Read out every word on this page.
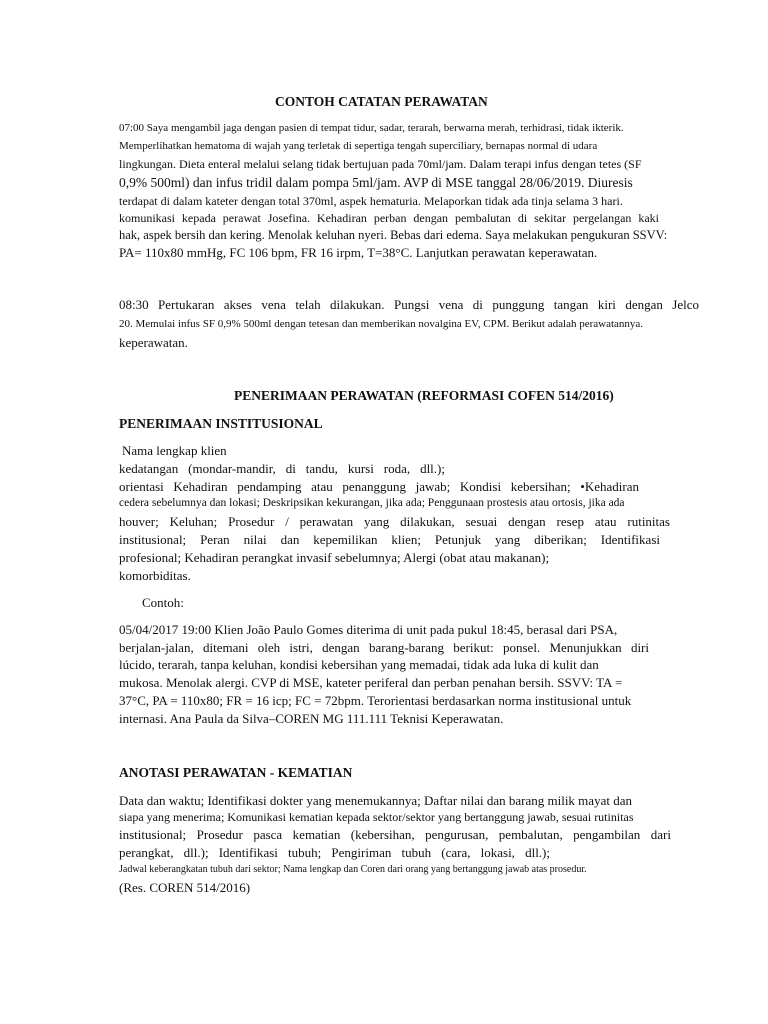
CONTOH CATATAN PERAWATAN
07:00 Saya mengambil jaga dengan pasien di tempat tidur, sadar, terarah, berwarna merah, terhidrasi, tidak ikterik.
Memperlihatkan hematoma di wajah yang terletak di sepertiga tengah superciliary, bernapas normal di udara
lingkungan. Dieta enteral melalui selang tidak bertujuan pada 70ml/jam. Dalam terapi infus dengan tetes (SF
0,9% 500ml) dan infus tridil dalam pompa 5ml/jam. AVP di MSE tanggal 28/06/2019. Diuresis
terdapat di dalam kateter dengan total 370ml, aspek hematuria. Melaporkan tidak ada tinja selama 3 hari.
komunikasi kepada perawat Josefina. Kehadiran perban dengan pembalutan di sekitar pergelangan kaki
hak, aspek bersih dan kering. Menolak keluhan nyeri. Bebas dari edema. Saya melakukan pengukuran SSVV:
PA= 110x80 mmHg, FC 106 bpm, FR 16 irpm, T=38°C. Lanjutkan perawatan keperawatan.
08:30 Pertukaran akses vena telah dilakukan. Pungsi vena di punggung tangan kiri dengan Jelco
20. Memulai infus SF 0,9% 500ml dengan tetesan dan memberikan novalgina EV, CPM. Berikut adalah perawatannya.
keperawatan.
PENERIMAAN PERAWATAN (REFORMASI COFEN 514/2016)
PENERIMAAN INSTITUSIONAL
Nama lengkap klien
kedatangan (mondar-mandir, di tandu, kursi roda, dll.);
orientasi Kehadiran pendamping atau penanggung jawab; Kondisi kebersihan; •Kehadiran
cedera sebelumnya dan lokasi; Deskripsikan kekurangan, jika ada; Penggunaan prostesis atau ortosis, jika ada
houver; Keluhan; Prosedur / perawatan yang dilakukan, sesuai dengan resep atau rutinitas
institusional; Peran nilai dan kepemilikan klien; Petunjuk yang diberikan; Identifikasi
profesional; Kehadiran perangkat invasif sebelumnya; Alergi (obat atau makanan);
komorbiditas.
Contoh:
05/04/2017 19:00 Klien João Paulo Gomes diterima di unit pada pukul 18:45, berasal dari PSA,
berjalan-jalan, ditemani oleh istri, dengan barang-barang berikut: ponsel. Menunjukkan diri
lúcido, terarah, tanpa keluhan, kondisi kebersihan yang memadai, tidak ada luka di kulit dan
mukosa. Menolak alergi. CVP di MSE, kateter periferal dan perban penahan bersih. SSVV: TA =
37°C, PA = 110x80; FR = 16 icp; FC = 72bpm. Terorientasi berdasarkan norma institusional untuk
internasi. Ana Paula da Silva–COREN MG 111.111 Teknisi Keperawatan.
ANOTASI PERAWATAN - KEMATIAN
Data dan waktu; Identifikasi dokter yang menemukannya; Daftar nilai dan barang milik mayat dan
siapa yang menerima; Komunikasi kematian kepada sektor/sektor yang bertanggung jawab, sesuai rutinitas
institusional; Prosedur pasca kematian (kebersihan, pengurusan, pembalutan, pengambilan dari
perangkat, dll.); Identifikasi tubuh; Pengiriman tubuh (cara, lokasi, dll.);
Jadwal keberangkatan tubuh dari sektor; Nama lengkap dan Coren dari orang yang bertanggung jawab atas prosedur.
(Res. COREN 514/2016)
